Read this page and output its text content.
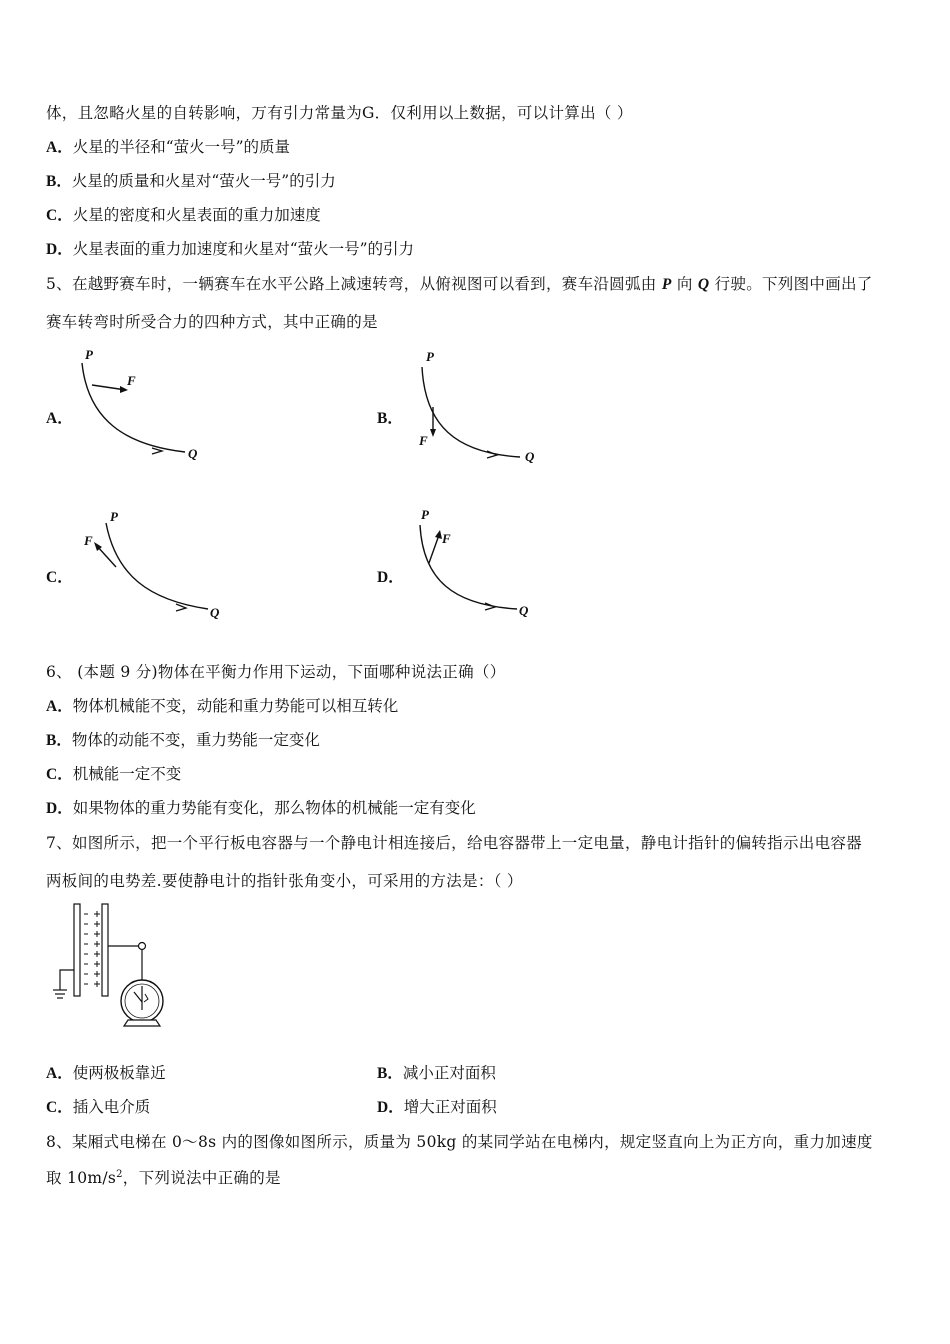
体，且忽略火星的自转影响，万有引力常量为G．仅利用以上数据，可以计算出（ ）
A．火星的半径和“萤火一号”的质量
B．火星的质量和火星对“萤火一号”的引力
C．火星的密度和火星表面的重力加速度
D．火星表面的重力加速度和火星对“萤火一号”的引力
5、在越野赛车时，一辆赛车在水平公路上减速转弯，从俯视图可以看到，赛车沿圆弧由 P 向 Q 行驶。下列图中画出了
赛车转弯时所受合力的四种方式，其中正确的是
A．
P
F
Q
B．
P
F
Q
C．
P
F
Q
D．
P
F
Q
6、 (本题 9 分)物体在平衡力作用下运动，下面哪种说法正确（）
A．物体机械能不变，动能和重力势能可以相互转化
B．物体的动能不变，重力势能一定变化
C．机械能一定不变
D．如果物体的重力势能有变化，那么物体的机械能一定有变化
7、如图所示，把一个平行板电容器与一个静电计相连接后，给电容器带上一定电量，静电计指针的偏转指示出电容器
两板间的电势差.要使静电计的指针张角变小，可采用的方法是：（ ）
A．使两极板靠近	B．减小正对面积
C．插入电介质	D．增大正对面积
8、某厢式电梯在 0～8s 内的图像如图所示，质量为 50kg 的某同学站在电梯内，规定竖直向上为正方向，重力加速度
取 $10m/s^2$，下列说法中正确的是
